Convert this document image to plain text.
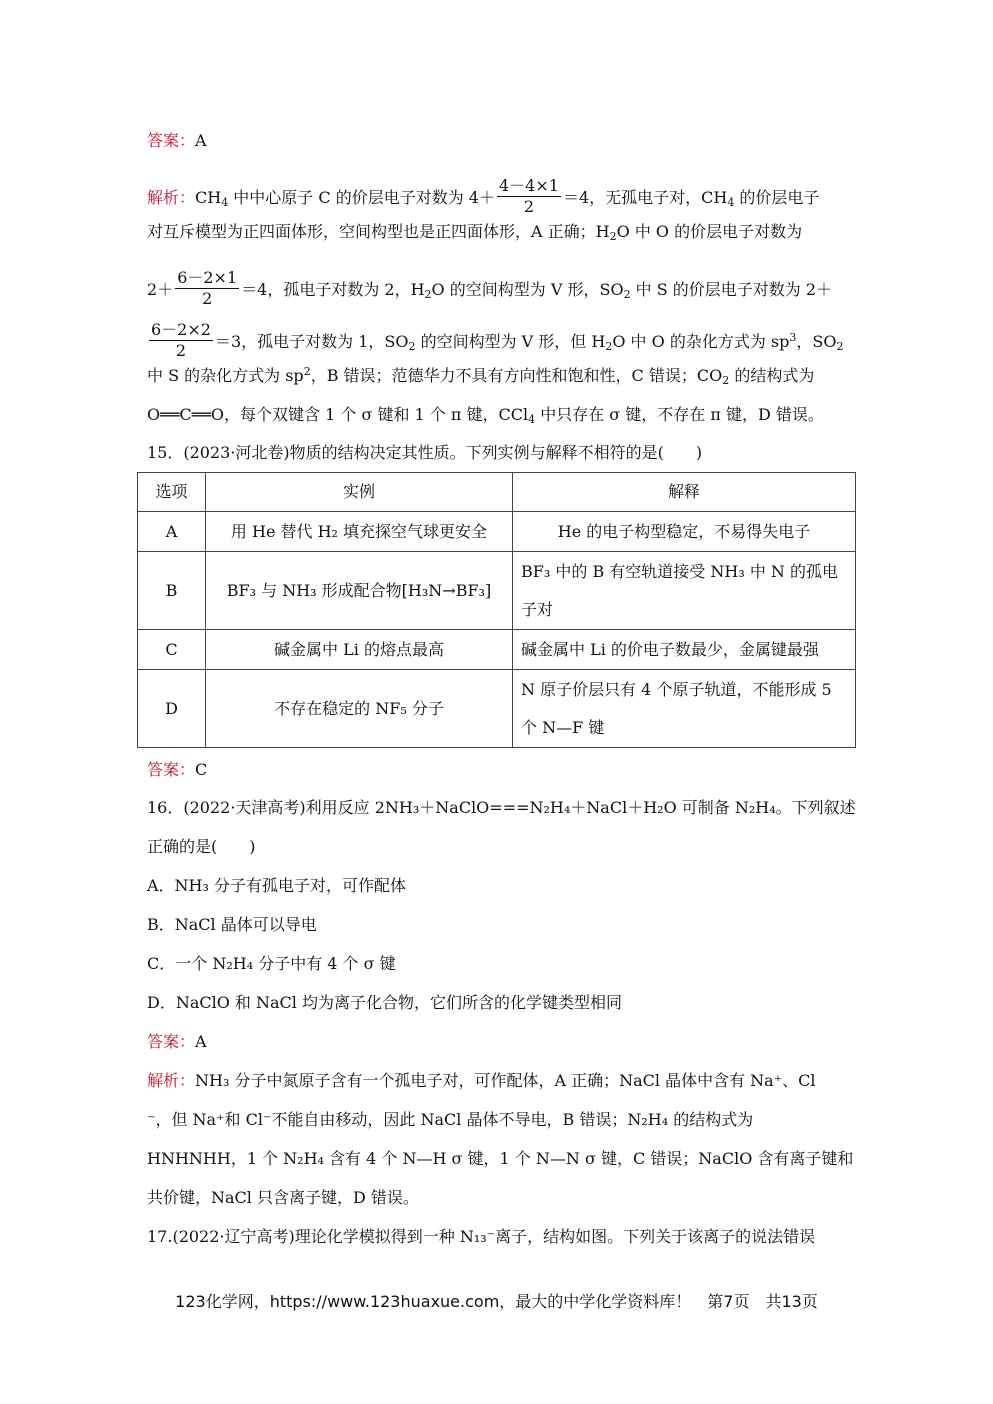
答案：A
解析：$CH_4$ 中中心原子 C 的价层电子对数为 $4+ \frac{4-4\times 1}{2} =4$，无孤电子对，$CH_4$ 的价层电子
对互斥模型为正四面体形，空间构型也是正四面体形，A 正确；$H_2O$ 中 O 的价层电子对数为
$2+ \frac{6-2\times 1}{2} =4$，孤电子对数为 2，$H_2O$ 的空间构型为 V 形，$SO_2$ 中 S 的价层电子对数为 2＋
$\frac{6-2\times 2}{2} =3$，孤电子对数为 1，$SO_2$ 的空间构型为 V 形，但 $H_2O$ 中 O 的杂化方式为 $sp^3$，$SO_2$
中 S 的杂化方式为 $sp^2$，B 错误；范德华力不具有方向性和饱和性，C 错误；$CO_2$ 的结构式为
O══C══O，每个双键含 1 个 σ 键和 1 个 π 键，CCl$_4$ 中只存在 σ 键，不存在 π 键，D 错误。
15．(2023·河北卷)物质的结构决定其性质。下列实例与解释不相符的是(　　)
选项	实例	解释
A	用 He 替代 H₂ 填充探空气球更安全	He 的电子构型稳定，不易得失电子
B	BF₃ 与 NH₃ 形成配合物[H₃N→BF₃]	BF₃ 中的 B 有空轨道接受 NH₃ 中 N 的孤电
子对

C	碱金属中 Li 的熔点最高	碱金属中 Li 的价电子数最少，金属键最强
D	不存在稳定的 NF₅ 分子	N 原子价层只有 4 个原子轨道，不能形成 5
个 N—F 键
答案：C
16．(2022·天津高考)利用反应 2NH₃＋NaClO===N₂H₄＋NaCl＋H₂O 可制备 N₂H₄。下列叙述
正确的是(　　)
A．NH₃ 分子有孤电子对，可作配体
B．NaCl 晶体可以导电
C．一个 N₂H₄ 分子中有 4 个 σ 键
D．NaClO 和 NaCl 均为离子化合物，它们所含的化学键类型相同
答案：A
解析：NH₃ 分子中氮原子含有一个孤电子对，可作配体，A 正确；NaCl 晶体中含有 Na⁺、Cl
⁻，但 Na⁺和 Cl⁻不能自由移动，因此 NaCl 晶体不导电，B 错误；N₂H₄ 的结构式为
HNHNHH，1 个 N₂H₄ 含有 4 个 N—H σ 键，1 个 N—N σ 键，C 错误；NaClO 含有离子键和
共价键，NaCl 只含离子键，D 错误。
17.(2022·辽宁高考)理论化学模拟得到一种 N₁₃⁻离子，结构如图。下列关于该离子的说法错误
123化学网，https://www.123huaxue.com，最大的中学化学资料库！　第7页　共13页
